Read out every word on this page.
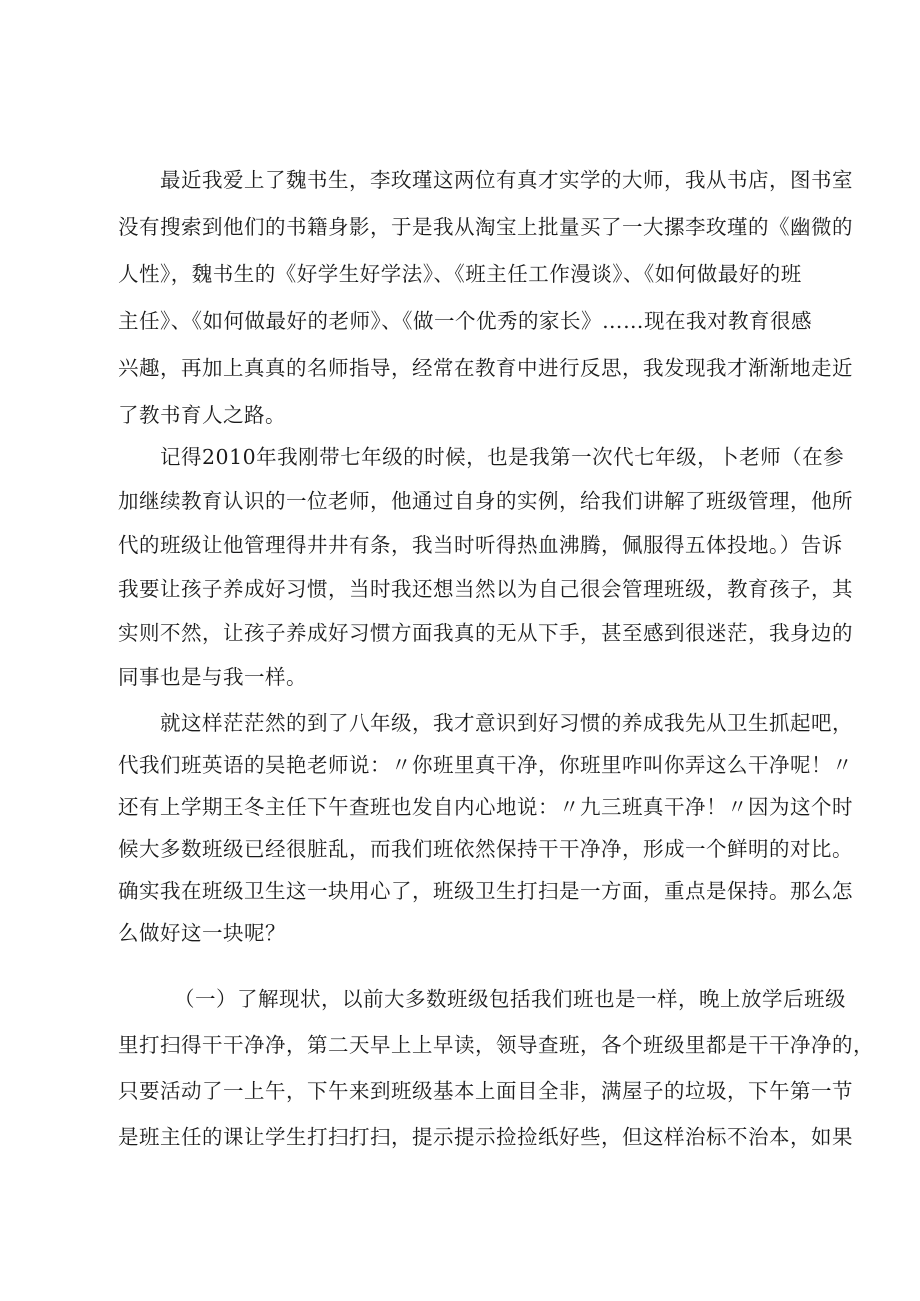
最近我爱上了魏书生，李玫瑾这两位有真才实学的大师，我从书店，图书室
没有搜索到他们的书籍身影，于是我从淘宝上批量买了一大摞李玫瑾的《幽微的
人性》，魏书生的《好学生好学法》、《班主任工作漫谈》、《如何做最好的班
主任》、《如何做最好的老师》、《做一个优秀的家长》……现在我对教育很感
兴趣，再加上真真的名师指导，经常在教育中进行反思，我发现我才渐渐地走近
了教书育人之路。
记得2010年我刚带七年级的时候，也是我第一次代七年级，卜老师（在参
加继续教育认识的一位老师，他通过自身的实例，给我们讲解了班级管理，他所
代的班级让他管理得井井有条，我当时听得热血沸腾，佩服得五体投地。）告诉
我要让孩子养成好习惯，当时我还想当然以为自己很会管理班级，教育孩子，其
实则不然，让孩子养成好习惯方面我真的无从下手，甚至感到很迷茫，我身边的
同事也是与我一样。
就这样茫茫然的到了八年级，我才意识到好习惯的养成我先从卫生抓起吧，
代我们班英语的吴艳老师说：〃你班里真干净，你班里咋叫你弄这么干净呢！〃
还有上学期王冬主任下午查班也发自内心地说：〃九三班真干净！〃因为这个时
候大多数班级已经很脏乱，而我们班依然保持干干净净，形成一个鲜明的对比。
确实我在班级卫生这一块用心了，班级卫生打扫是一方面，重点是保持。那么怎
么做好这一块呢？
（一）了解现状，以前大多数班级包括我们班也是一样，晚上放学后班级
里打扫得干干净净，第二天早上上早读，领导查班，各个班级里都是干干净净的，
只要活动了一上午，下午来到班级基本上面目全非，满屋子的垃圾，下午第一节
是班主任的课让学生打扫打扫，提示提示捡捡纸好些，但这样治标不治本，如果
